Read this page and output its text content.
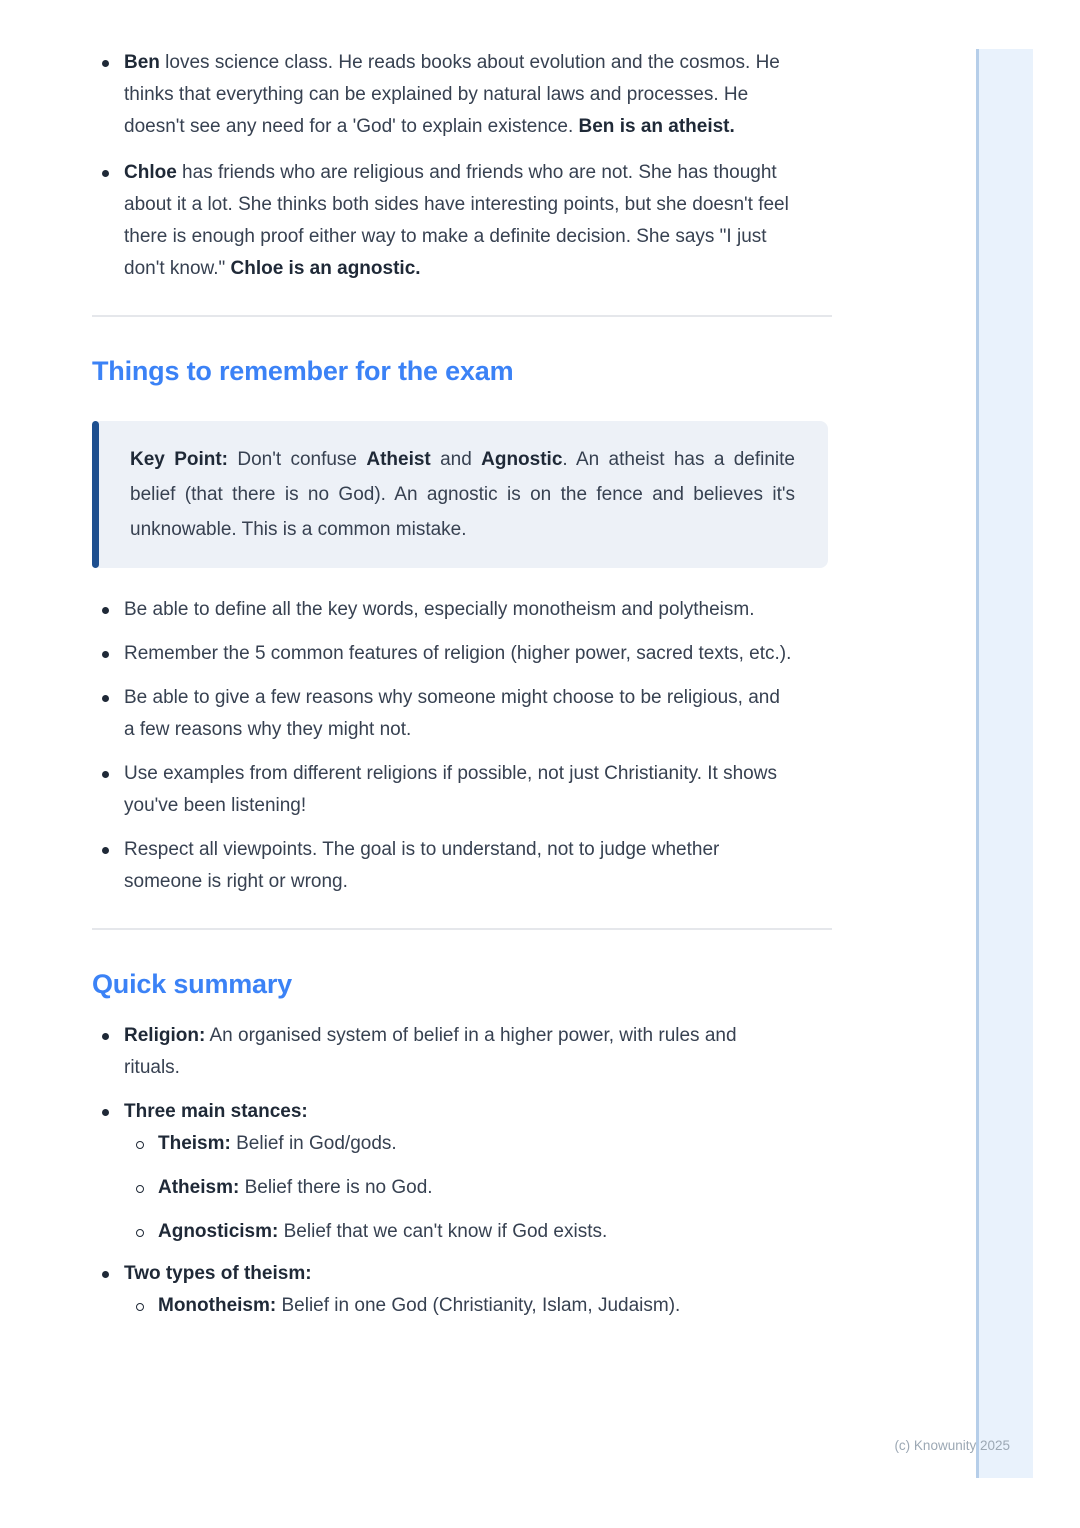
Ben loves science class. He reads books about evolution and the cosmos. He thinks that everything can be explained by natural laws and processes. He doesn't see any need for a 'God' to explain existence. Ben is an atheist.
Chloe has friends who are religious and friends who are not. She has thought about it a lot. She thinks both sides have interesting points, but she doesn't feel there is enough proof either way to make a definite decision. She says "I just don't know." Chloe is an agnostic.
Things to remember for the exam

Key Point: Don't confuse Atheist and Agnostic. An atheist has a definite belief (that there is no God). An agnostic is on the fence and believes it's unknowable. This is a common mistake.

Be able to define all the key words, especially monotheism and polytheism.
Remember the 5 common features of religion (higher power, sacred texts, etc.).
Be able to give a few reasons why someone might choose to be religious, and a few reasons why they might not.
Use examples from different religions if possible, not just Christianity. It shows you've been listening!
Respect all viewpoints. The goal is to understand, not to judge whether someone is right or wrong.
Quick summary
Religion: An organised system of belief in a higher power, with rules and rituals.
Three main stances:
Theism: Belief in God/gods.
Atheism: Belief there is no God.
Agnosticism: Belief that we can't know if God exists.
Two types of theism:
Monotheism: Belief in one God (Christianity, Islam, Judaism).
(c) Knowunity 2025
